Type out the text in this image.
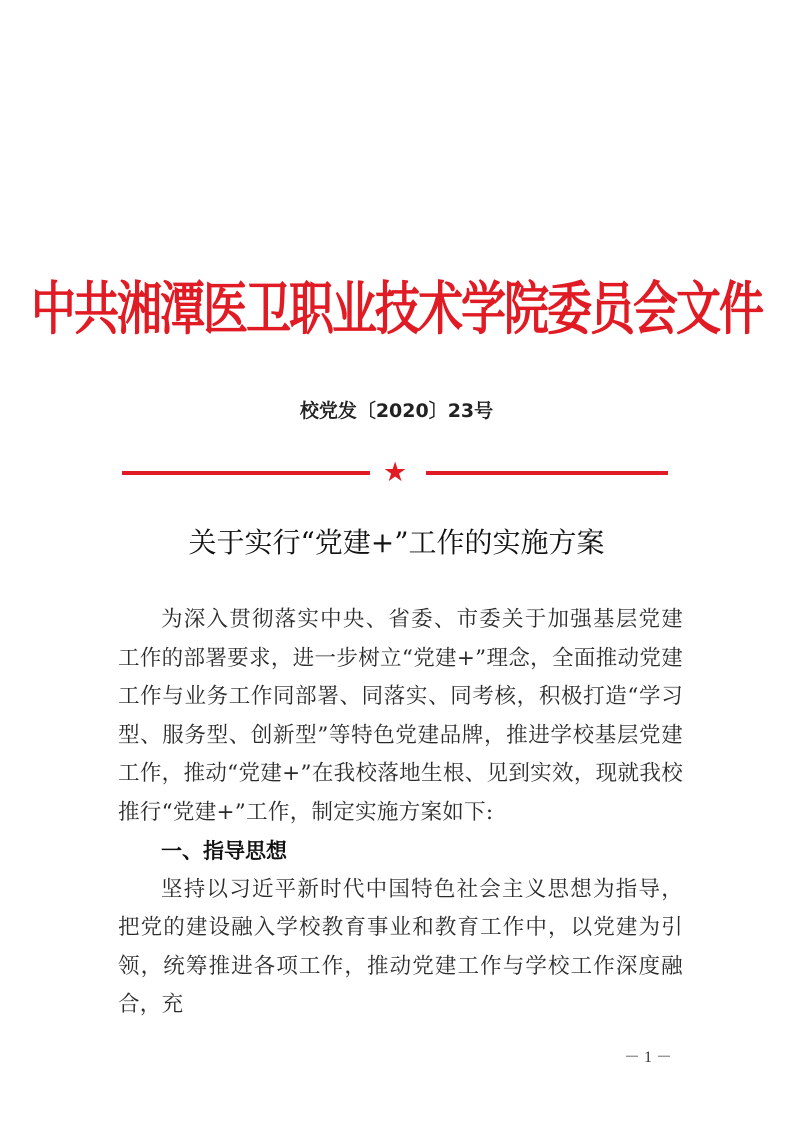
中共湘潭医卫职业技术学院委员会文件
校党发〔2020〕23号
★
关于实行“党建+”工作的实施方案

为深入贯彻落实中央、省委、市委关于加强基层党建工作的部署要求，进一步树立“党建+”理念，全面推动党建工作与业务工作同部署、同落实、同考核，积极打造“学习型、服务型、创新型”等特色党建品牌，推进学校基层党建工作，推动“党建+”在我校落地生根、见到实效，现就我校推行“党建+”工作，制定实施方案如下:

一、指导思想

坚持以习近平新时代中国特色社会主义思想为指导，把党的建设融入学校教育事业和教育工作中，以党建为引领，统筹推进各项工作，推动党建工作与学校工作深度融合，充

－ 1 －
